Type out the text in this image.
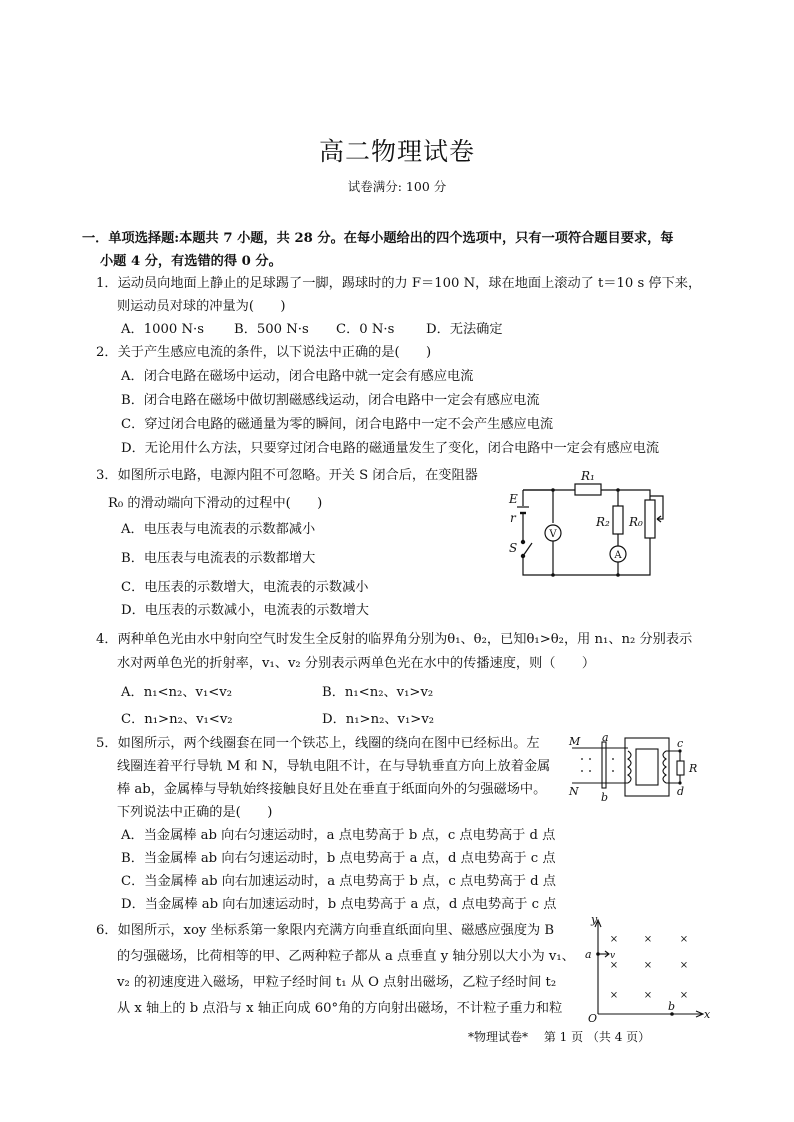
高二物理试卷
试卷满分: 100 分
一．单项选择题:本题共 7 小题，共 28 分。在每小题给出的四个选项中，只有一项符合题目要求，每
小题 4 分，有选错的得 0 分。
1．运动员向地面上静止的足球踢了一脚，踢球时的力 F＝100 N，球在地面上滚动了 t＝10 s 停下来，
则运动员对球的冲量为(　　)
A．1000 N·s B．500 N·s C．0 N·s D．无法确定
2．关于产生感应电流的条件，以下说法中正确的是(　　)
A．闭合电路在磁场中运动，闭合电路中就一定会有感应电流
B．闭合电路在磁场中做切割磁感线运动，闭合电路中一定会有感应电流
C．穿过闭合电路的磁通量为零的瞬间，闭合电路中一定不会产生感应电流
D．无论用什么方法，只要穿过闭合电路的磁通量发生了变化，闭合电路中一定会有感应电流
3．如图所示电路，电源内阻不可忽略。开关 S 闭合后，在变阻器
R₀ 的滑动端向下滑动的过程中(　　)
A．电压表与电流表的示数都减小
B．电压表与电流表的示数都增大
C．电压表的示数增大，电流表的示数减小
D．电压表的示数减小，电流表的示数增大
E
r
S
R₁
R₂ R₀
V
A
4．两种单色光由水中射向空气时发生全反射的临界角分别为θ₁、θ₂，已知θ₁>θ₂，用 n₁、n₂ 分别表示
水对两单色光的折射率，v₁、v₂ 分别表示两单色光在水中的传播速度，则（　　）
A．n₁<n₂、v₁<v₂	B．n₁<n₂、v₁>v₂
C．n₁>n₂、v₁<v₂	D．n₁>n₂、v₁>v₂
5．如图所示，两个线圈套在同一个铁芯上，线圈的绕向在图中已经标出。左
线圈连着平行导轨 M 和 N，导轨电阻不计，在与导轨垂直方向上放着金属
棒 ab，金属棒与导轨始终接触良好且处在垂直于纸面向外的匀强磁场中。
下列说法中正确的是(　　)
A．当金属棒 ab 向右匀速运动时，a 点电势高于 b 点，c 点电势高于 d 点
B．当金属棒 ab 向右匀速运动时，b 点电势高于 a 点，d 点电势高于 c 点
C．当金属棒 ab 向右加速运动时，a 点电势高于 b 点，c 点电势高于 d 点
D．当金属棒 ab 向右加速运动时，b 点电势高于 a 点，d 点电势高于 c 点
M
N
a
b
c
d
R
6．如图所示，xoy 坐标系第一象限内充满方向垂直纸面向里、磁感应强度为 B
的匀强磁场，比荷相等的甲、乙两种粒子都从 a 点垂直 y 轴分别以大小为 v₁、
v₂ 的初速度进入磁场，甲粒子经时间 t₁ 从 O 点射出磁场，乙粒子经时间 t₂
从 x 轴上的 b 点沿与 x 轴正向成 60°角的方向射出磁场，不计粒子重力和粒
×	×	×
×	×	×
×	×	×
y
x
O
a v
b
*物理试卷*　 第 1 页 （共 4 页）
